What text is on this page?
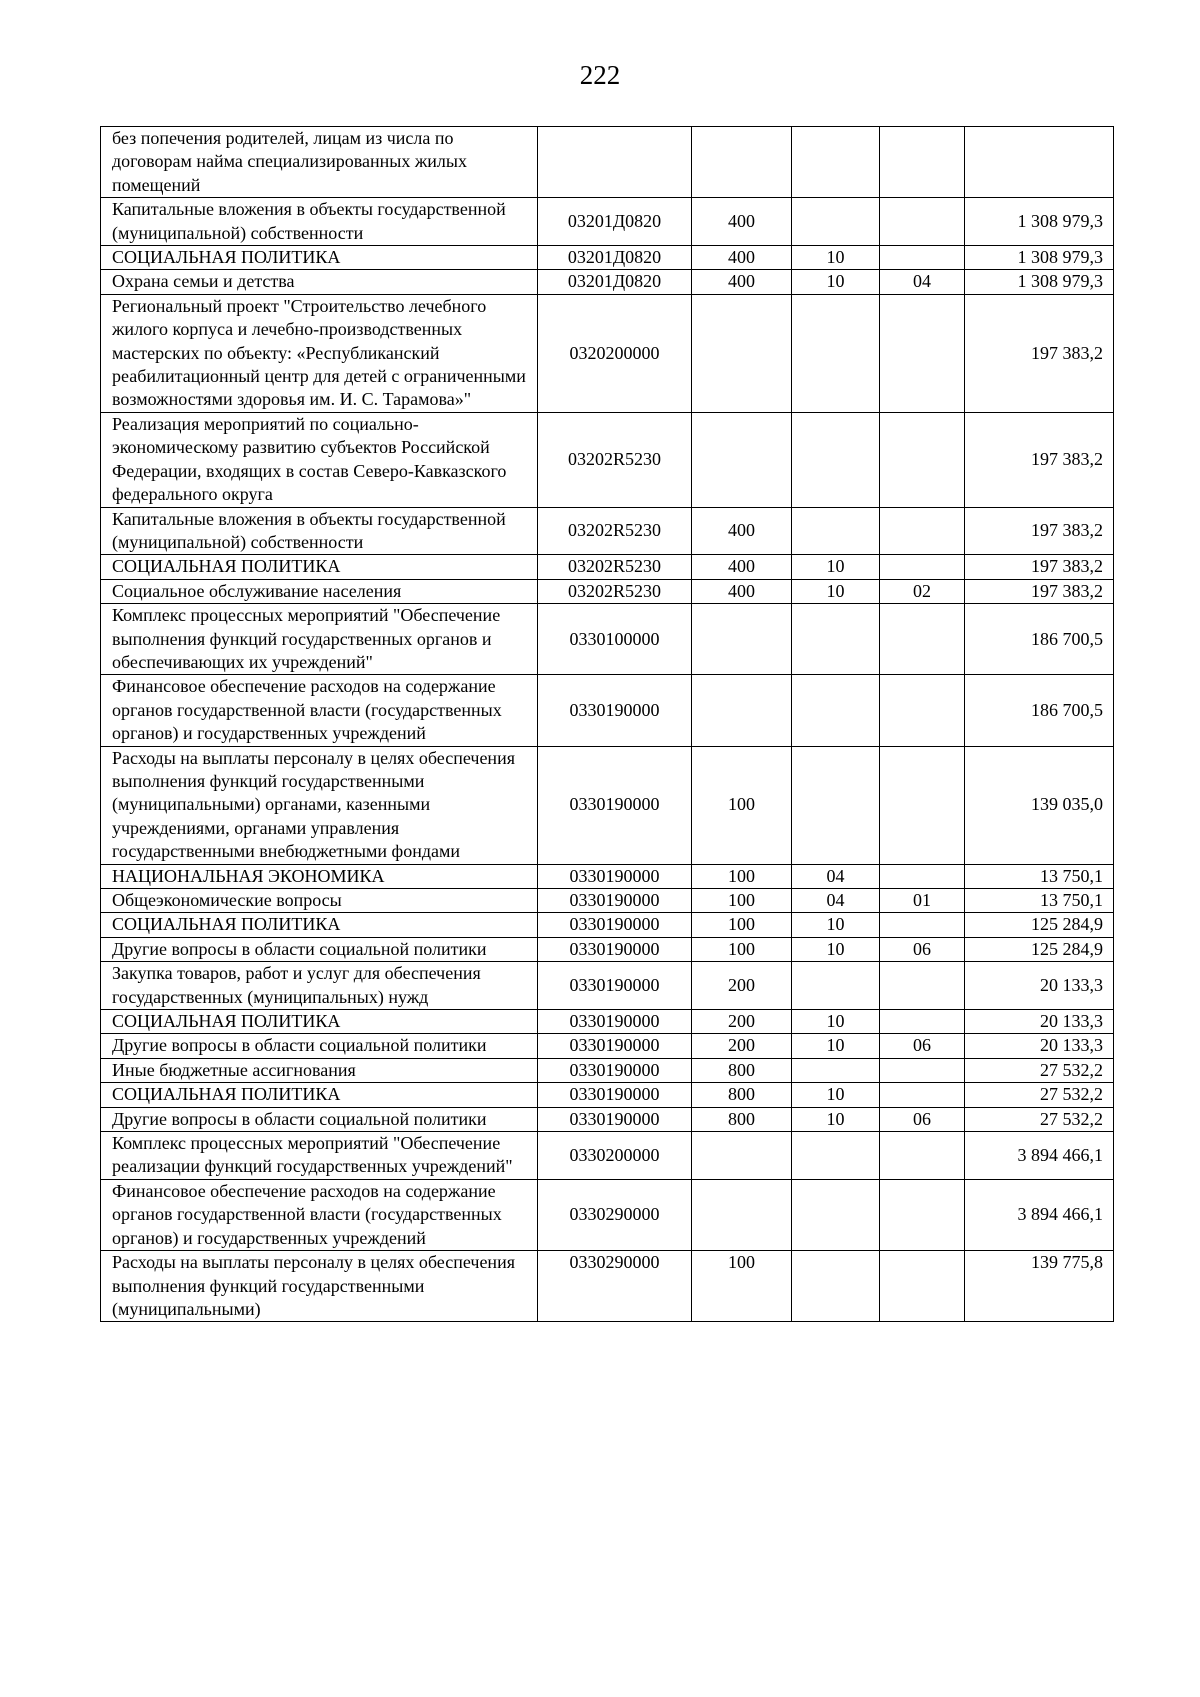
222
без попечения родителей, лицам из числа по договорам найма специализированных жилых помещений					
Капитальные вложения в объекты государственной (муниципальной) собственности	03201Д0820	400			1 308 979,3
СОЦИАЛЬНАЯ ПОЛИТИКА	03201Д0820	400	10		1 308 979,3
Охрана семьи и детства	03201Д0820	400	10	04	1 308 979,3
Региональный проект "Строительство лечебного жилого корпуса и лечебно-производственных мастерских по объекту: «Республиканский реабилитационный центр для детей с ограниченными возможностями здоровья им. И. С. Тарамова»"	0320200000				197 383,2
Реализация мероприятий по социально-экономическому развитию субъектов Российской Федерации, входящих в состав Северо-Кавказского федерального округа	03202R5230				197 383,2
Капитальные вложения в объекты государственной (муниципальной) собственности	03202R5230	400			197 383,2
СОЦИАЛЬНАЯ ПОЛИТИКА	03202R5230	400	10		197 383,2
Социальное обслуживание населения	03202R5230	400	10	02	197 383,2
Комплекс процессных мероприятий "Обеспечение выполнения функций государственных органов и обеспечивающих их учреждений"	0330100000				186 700,5
Финансовое обеспечение расходов на содержание органов государственной власти (государственных органов) и государственных учреждений	0330190000				186 700,5
Расходы на выплаты персоналу в целях обеспечения выполнения функций государственными (муниципальными) органами, казенными учреждениями, органами управления государственными внебюджетными фондами	0330190000	100			139 035,0
НАЦИОНАЛЬНАЯ ЭКОНОМИКА	0330190000	100	04		13 750,1
Общеэкономические вопросы	0330190000	100	04	01	13 750,1
СОЦИАЛЬНАЯ ПОЛИТИКА	0330190000	100	10		125 284,9
Другие вопросы в области социальной политики	0330190000	100	10	06	125 284,9
Закупка товаров, работ и услуг для обеспечения государственных (муниципальных) нужд	0330190000	200			20 133,3
СОЦИАЛЬНАЯ ПОЛИТИКА	0330190000	200	10		20 133,3
Другие вопросы в области социальной политики	0330190000	200	10	06	20 133,3
Иные бюджетные ассигнования	0330190000	800			27 532,2
СОЦИАЛЬНАЯ ПОЛИТИКА	0330190000	800	10		27 532,2
Другие вопросы в области социальной политики	0330190000	800	10	06	27 532,2
Комплекс процессных мероприятий "Обеспечение реализации функций государственных учреждений"	0330200000				3 894 466,1
Финансовое обеспечение расходов на содержание органов государственной власти (государственных органов) и государственных учреждений	0330290000				3 894 466,1
Расходы на выплаты персоналу в целях обеспечения выполнения функций государственными (муниципальными)	0330290000	100			139 775,8
